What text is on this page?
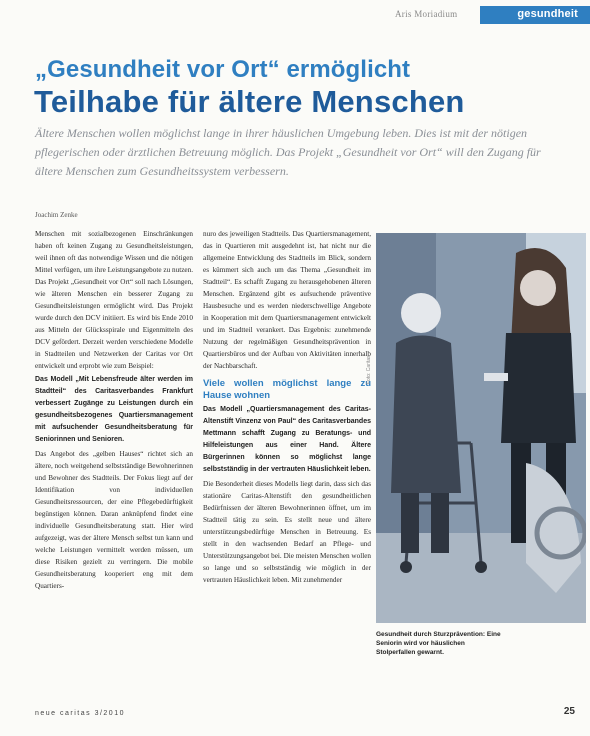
gesundheit
Aris Moriadium
„Gesundheit vor Ort“ ermöglicht
Teilhabe für ältere Menschen
Ältere Menschen wollen möglichst lange in ihrer häuslichen Umgebung leben. Dies ist mit der nötigen pflegerischen oder ärztlichen Betreuung möglich. Das Projekt „Gesundheit vor Ort“ will den Zugang für ältere Menschen zum Gesundheitssystem verbessern.
Joachim Zenke

Menschen mit sozialbezogenen Einschränkungen haben oft keinen Zugang zu Gesundheitsleistungen, weil ihnen oft das notwendige Wissen und die nötigen Mittel verfügen, um ihre Leistungsangebote zu nutzen. Das Projekt „Gesundheit vor Ort“ soll nach Lösungen, wie älteren Menschen ein besserer Zugang zu Gesundheitsleistungen ermöglicht wird. Das Projekt wurde durch den DCV initiiert. Es wird bis Ende 2010 aus Mitteln der Glücksspirale und Eigenmitteln des DCV gefördert. Derzeit werden verschiedene Modelle in Stadtteilen und Netzwerken der Caritas vor Ort entwickelt und erprobt wie zum Beispiel:

Das Modell „Mit Lebensfreude älter werden im Stadtteil“ des Caritasverbandes Frankfurt verbessert Zugänge zu Leistungen durch ein gesundheitsbezogenes Quartiersmanagement mit aufsuchender Gesundheitsberatung für Seniorinnen und Senioren.

Das Angebot des „gelben Hauses“ richtet sich an ältere, noch weitgehend selbstständige Bewohnerinnen und Bewohner des Stadtteils. Der Fokus liegt auf der Identifikation von individuellen Gesundheitsressourcen, der eine Pflegebedürftigkeit begünstigen können. Daran anknüpfend findet eine individuelle Gesundheitsberatung statt. Hier wird aufgezeigt, was der ältere Mensch selbst tun kann und welche Leistungen vermittelt werden müssen, um diese Risiken gezielt zu verringern. Die mobile Gesundheitsberatung kooperiert eng mit dem Quartiers-

nuro des jeweiligen Stadtteils. Das Quartiersmanagement, das in Quartieren mit ausgedehnt ist, hat nicht nur die allgemeine Entwicklung des Stadtteils im Blick, sondern es kümmert sich auch um das Thema „Gesundheit im Stadtteil“. Es schafft Zugang zu herausgehobenen älteren Menschen. Ergänzend gibt es aufsuchende präventive Hausbesuche und es werden niederschwellige Angebote in Kooperation mit dem Quartiersmanagement entwickelt und im Stadtteil verankert. Das Ergebnis: zunehmende Nutzung der regelmäßigen Gesundheitsprävention in Quartiersbüros und der Aufbau von Aktivitäten innerhalb der Nachbarschaft.

Viele wollen möglichst lange zu Hause wohnen

Das Modell „Quartiersmanagement des Caritas-Altenstift Vinzenz von Paul“ des Caritasverbandes Mettmann schafft Zugang zu Beratungs- und Hilfeleistungen aus einer Hand. Ältere Bürgerinnen können so möglichst lange selbstständig in der vertrauten Häuslichkeit leben.

Die Besonderheit dieses Modells liegt darin, dass sich das stationäre Caritas-Altenstift den gesundheitlichen Bedürfnissen der älteren Bewohnerinnen öffnet, um im Stadtteil tätig zu sein. Es stellt neue und ältere unterstützungsbedürftige Menschen in Betreuung. Es stellt in den wachsenden Bedarf an Pflege- und Unterstützungsangebot bei. Die meisten Menschen wollen so lange und so selbstständig wie möglich in der vertrauten Häuslichkeit leben. Mit zunehmender

Foto: Caritas
Gesundheit durch Sturzprävention: Eine Seniorin wird vor häuslichen Stolperfallen gewarnt.
neue caritas 3/2010	25
